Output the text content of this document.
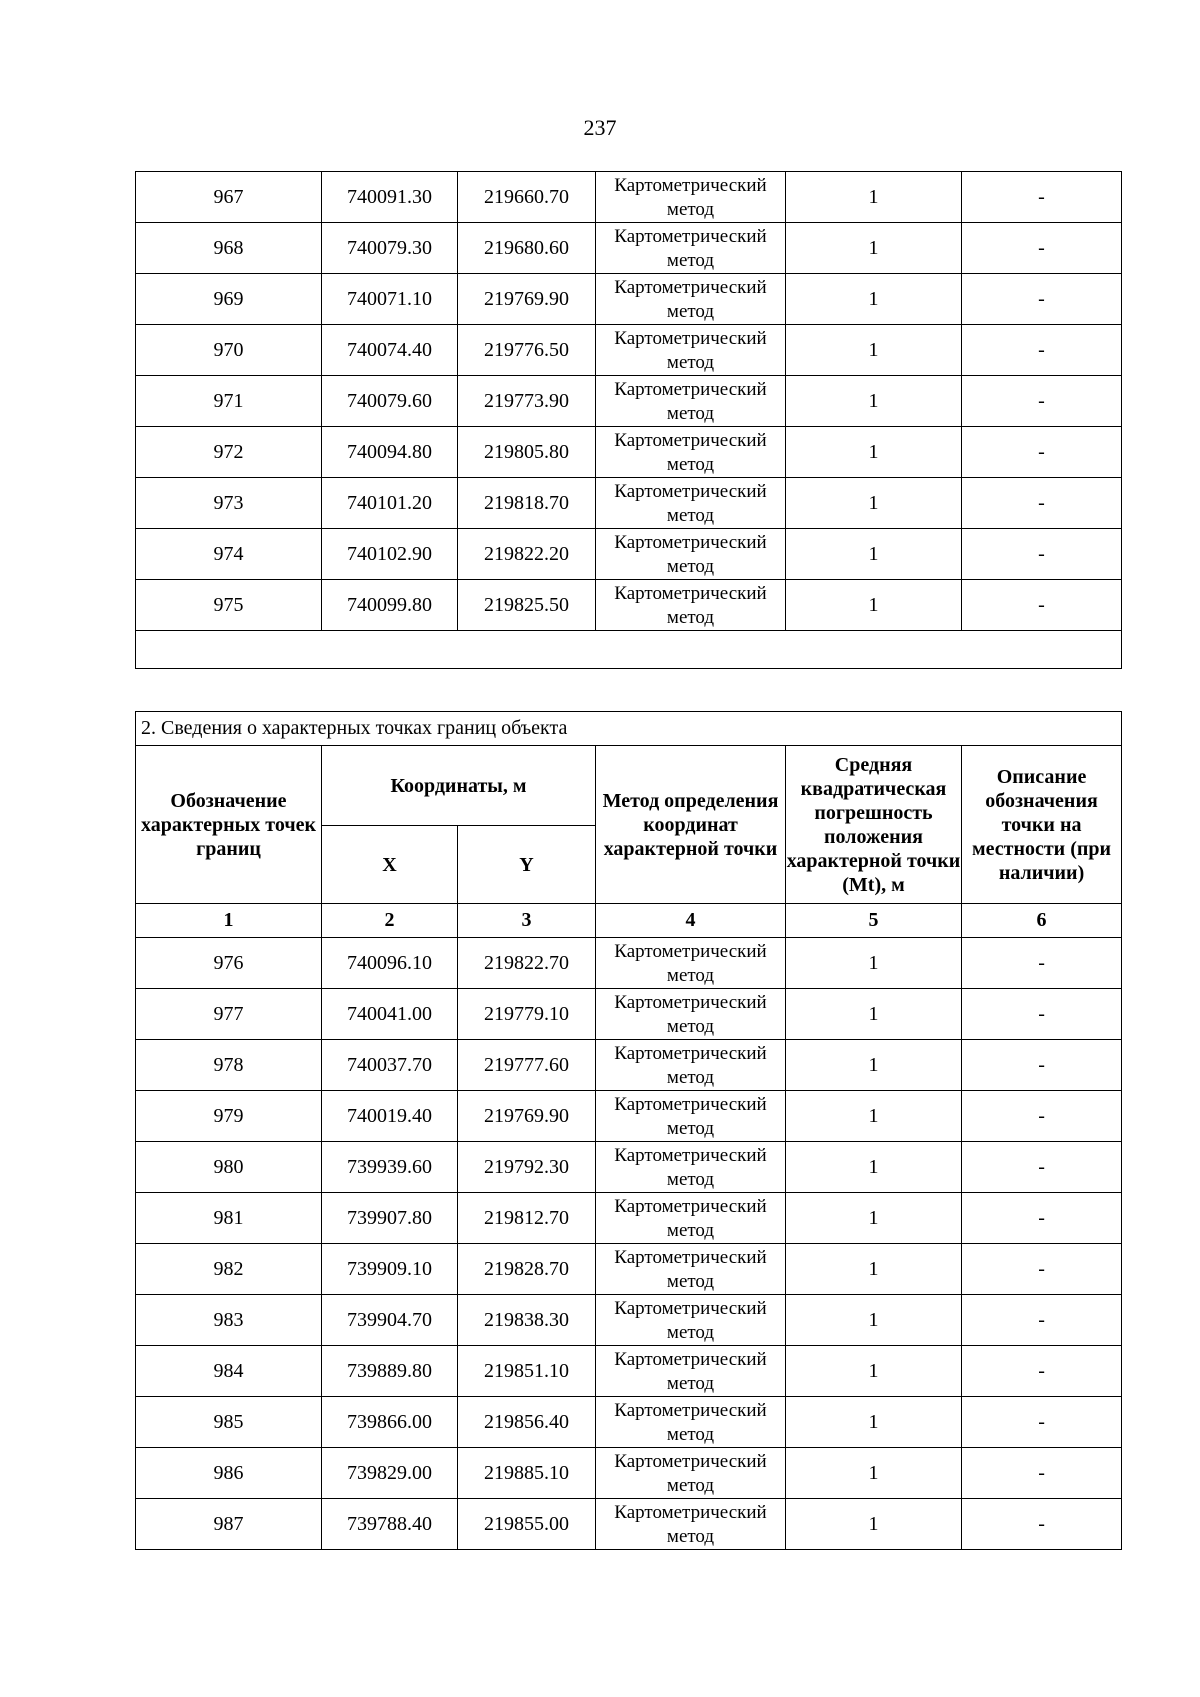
237
967	740091.30	219660.70	Картометрический метод	1	-
968	740079.30	219680.60	Картометрический метод	1	-
969	740071.10	219769.90	Картометрический метод	1	-
970	740074.40	219776.50	Картометрический метод	1	-
971	740079.60	219773.90	Картометрический метод	1	-
972	740094.80	219805.80	Картометрический метод	1	-
973	740101.20	219818.70	Картометрический метод	1	-
974	740102.90	219822.20	Картометрический метод	1	-
975	740099.80	219825.50	Картометрический метод	1	-

2. Сведения о характерных точках границ объекта					
Обозначение характерных точек границ	Координаты, м		Метод определения координат характерной точки	Средняя квадратическая погрешность положения характерной точки (Mt), м	Описание обозначения точки на местности (при наличии)
	X	Y			
1	2	3	4	5	6
976	740096.10	219822.70	Картометрический метод	1	-
977	740041.00	219779.10	Картометрический метод	1	-
978	740037.70	219777.60	Картометрический метод	1	-
979	740019.40	219769.90	Картометрический метод	1	-
980	739939.60	219792.30	Картометрический метод	1	-
981	739907.80	219812.70	Картометрический метод	1	-
982	739909.10	219828.70	Картометрический метод	1	-
983	739904.70	219838.30	Картометрический метод	1	-
984	739889.80	219851.10	Картометрический метод	1	-
985	739866.00	219856.40	Картометрический метод	1	-
986	739829.00	219885.10	Картометрический метод	1	-
987	739788.40	219855.00	Картометрический метод	1	-
